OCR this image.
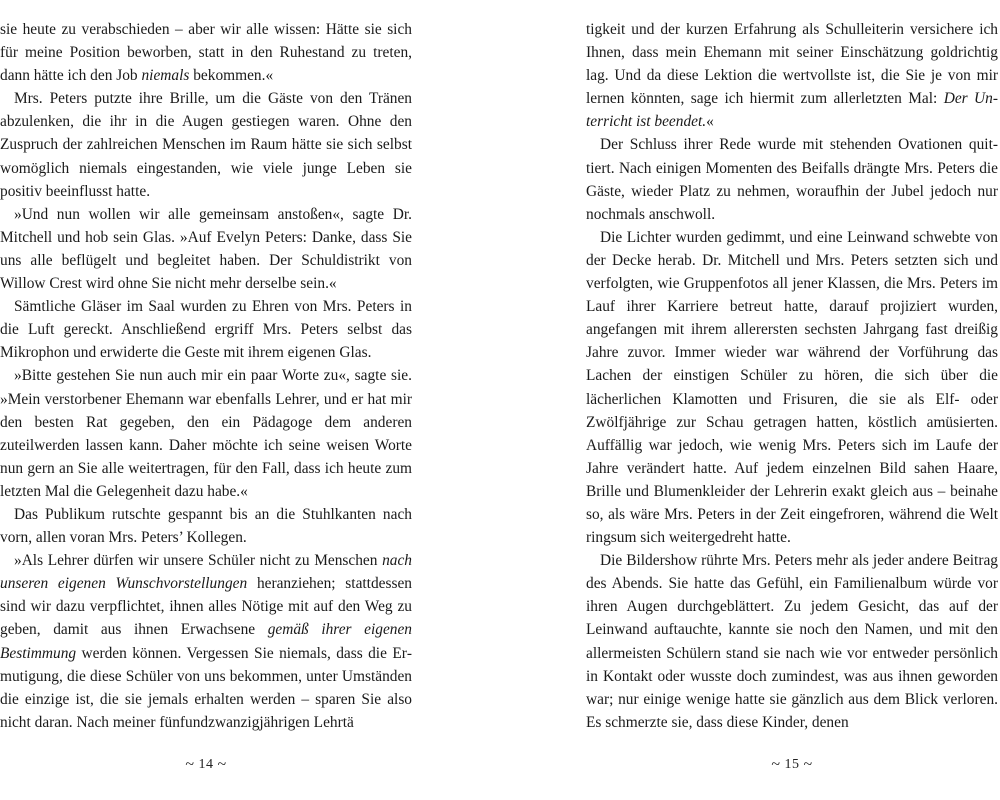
sie heute zu verabschieden – aber wir alle wissen: Hätte sie sich für meine Position beworben, statt in den Ruhestand zu treten, dann hätte ich den Job niemals bekommen.«

Mrs. Peters putzte ihre Brille, um die Gäste von den Tränen abzulenken, die ihr in die Augen gestiegen waren. Ohne den Zuspruch der zahlreichen Menschen im Raum hätte sie sich selbst womöglich niemals eingestanden, wie viele junge Leben sie positiv beeinflusst hatte.

»Und nun wollen wir alle gemeinsam anstoßen«, sagte Dr. Mitchell und hob sein Glas. »Auf Evelyn Peters: Danke, dass Sie uns alle beflügelt und begleitet haben. Der Schuldistrikt von Willow Crest wird ohne Sie nicht mehr derselbe sein.«

Sämtliche Gläser im Saal wurden zu Ehren von Mrs. Peters in die Luft gereckt. Anschließend ergriff Mrs. Peters selbst das Mikrophon und erwiderte die Geste mit ihrem eigenen Glas.

»Bitte gestehen Sie nun auch mir ein paar Worte zu«, sagte sie. »Mein verstorbener Ehemann war ebenfalls Lehrer, und er hat mir den besten Rat gegeben, den ein Pädagoge dem anderen zuteilwerden lassen kann. Daher möchte ich seine weisen Worte nun gern an Sie alle weitertragen, für den Fall, dass ich heute zum letzten Mal die Gelegenheit dazu habe.«

Das Publikum rutschte gespannt bis an die Stuhlkanten nach vorn, allen voran Mrs. Peters’ Kollegen.

»Als Lehrer dürfen wir unsere Schüler nicht zu Menschen nach unseren eigenen Wunschvorstellungen heranziehen; stattdessen sind wir dazu verpflichtet, ihnen alles Nötige mit auf den Weg zu geben, damit aus ihnen Erwachsene gemäß ihrer eigenen Bestimmung werden können. Vergessen Sie niemals, dass die Ermutigung, die diese Schüler von uns bekommen, unter Umständen die einzige ist, die sie jemals erhalten werden – sparen Sie also nicht daran. Nach meiner fünfundzwanzigjährigen Lehrtä

~ 14 ~

tigkeit und der kurzen Erfahrung als Schulleiterin versichere ich Ihnen, dass mein Ehemann mit seiner Einschätzung goldrichtig lag. Und da diese Lektion die wertvollste ist, die Sie je von mir lernen könnten, sage ich hiermit zum allerletzten Mal: Der Unterricht ist beendet.«

Der Schluss ihrer Rede wurde mit stehenden Ovationen quittiert. Nach einigen Momenten des Beifalls drängte Mrs. Peters die Gäste, wieder Platz zu nehmen, woraufhin der Jubel jedoch nur nochmals anschwoll.

Die Lichter wurden gedimmt, und eine Leinwand schwebte von der Decke herab. Dr. Mitchell und Mrs. Peters setzten sich und verfolgten, wie Gruppenfotos all jener Klassen, die Mrs. Peters im Lauf ihrer Karriere betreut hatte, darauf projiziert wurden, angefangen mit ihrem allerersten sechsten Jahrgang fast dreißig Jahre zuvor. Immer wieder war während der Vorführung das Lachen der einstigen Schüler zu hören, die sich über die lächerlichen Klamotten und Frisuren, die sie als Elf- oder Zwölfjährige zur Schau getragen hatten, köstlich amüsierten. Auffällig war jedoch, wie wenig Mrs. Peters sich im Laufe der Jahre verändert hatte. Auf jedem einzelnen Bild sahen Haare, Brille und Blumenkleider der Lehrerin exakt gleich aus – beinahe so, als wäre Mrs. Peters in der Zeit eingefroren, während die Welt ringsum sich weitergedreht hatte.

Die Bildershow rührte Mrs. Peters mehr als jeder andere Beitrag des Abends. Sie hatte das Gefühl, ein Familienalbum würde vor ihren Augen durchgeblättert. Zu jedem Gesicht, das auf der Leinwand auftauchte, kannte sie noch den Namen, und mit den allermeisten Schülern stand sie nach wie vor entweder persönlich in Kontakt oder wusste doch zumindest, was aus ihnen geworden war; nur einige wenige hatte sie gänzlich aus dem Blick verloren. Es schmerzte sie, dass diese Kinder, denen

~ 15 ~
